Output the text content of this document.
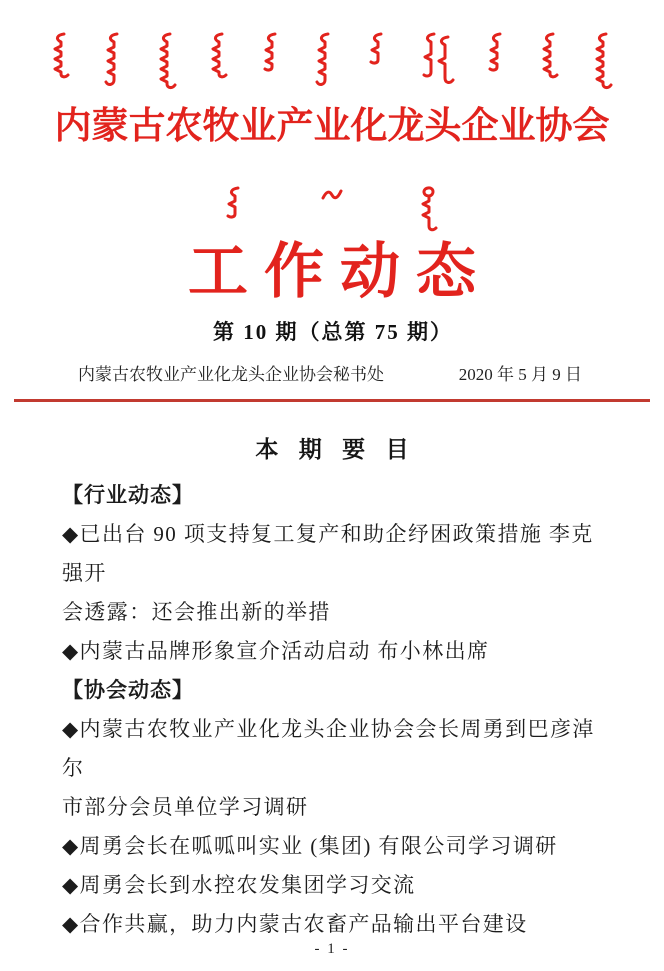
内蒙古农牧业产业化龙头企业协会
工作动态
第 10 期（总第 75 期）
内蒙古农牧业产业化龙头企业协会秘书处	2020 年 5 月 9 日
本 期 要 目

【行业动态】

◆已出台 90 项支持复工复产和助企纾困政策措施 李克强开

会透露：还会推出新的举措

◆内蒙古品牌形象宣介活动启动 布小林出席

【协会动态】

◆内蒙古农牧业产业化龙头企业协会会长周勇到巴彦淖尔

市部分会员单位学习调研

◆周勇会长在呱呱叫实业 (集团) 有限公司学习调研

◆周勇会长到水控农发集团学习交流

◆合作共赢，助力内蒙古农畜产品输出平台建设

- 1 -
